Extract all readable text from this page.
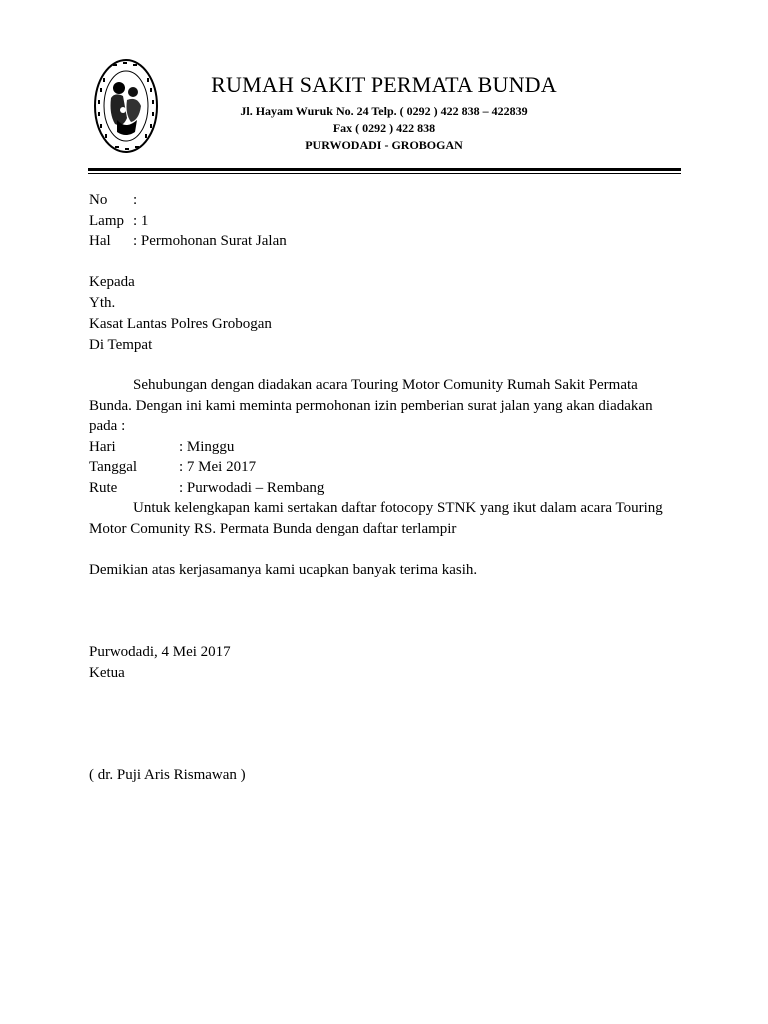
RUMAH SAKIT PERMATA BUNDA
Jl. Hayam Wuruk No. 24 Telp. ( 0292 ) 422 838 – 422839
Fax ( 0292 ) 422 838
PURWODADI - GROBOGAN
No :
Lamp : 1
Hal : Permohonan Surat Jalan
Kepada
Yth.
Kasat Lantas Polres Grobogan
Di Tempat
Sehubungan dengan diadakan acara Touring Motor Comunity Rumah Sakit Permata
Bunda. Dengan ini kami meminta permohonan izin pemberian surat jalan yang akan diadakan
pada :
Hari	: Minggu
Tanggal	: 7 Mei 2017
Rute	: Purwodadi – Rembang
Untuk kelengkapan kami sertakan daftar fotocopy STNK yang ikut dalam acara Touring
Motor Comunity RS. Permata Bunda dengan daftar terlampir
Demikian atas kerjasamanya kami ucapkan banyak terima kasih.
Purwodadi, 4 Mei 2017
Ketua
( dr. Puji Aris Rismawan )
